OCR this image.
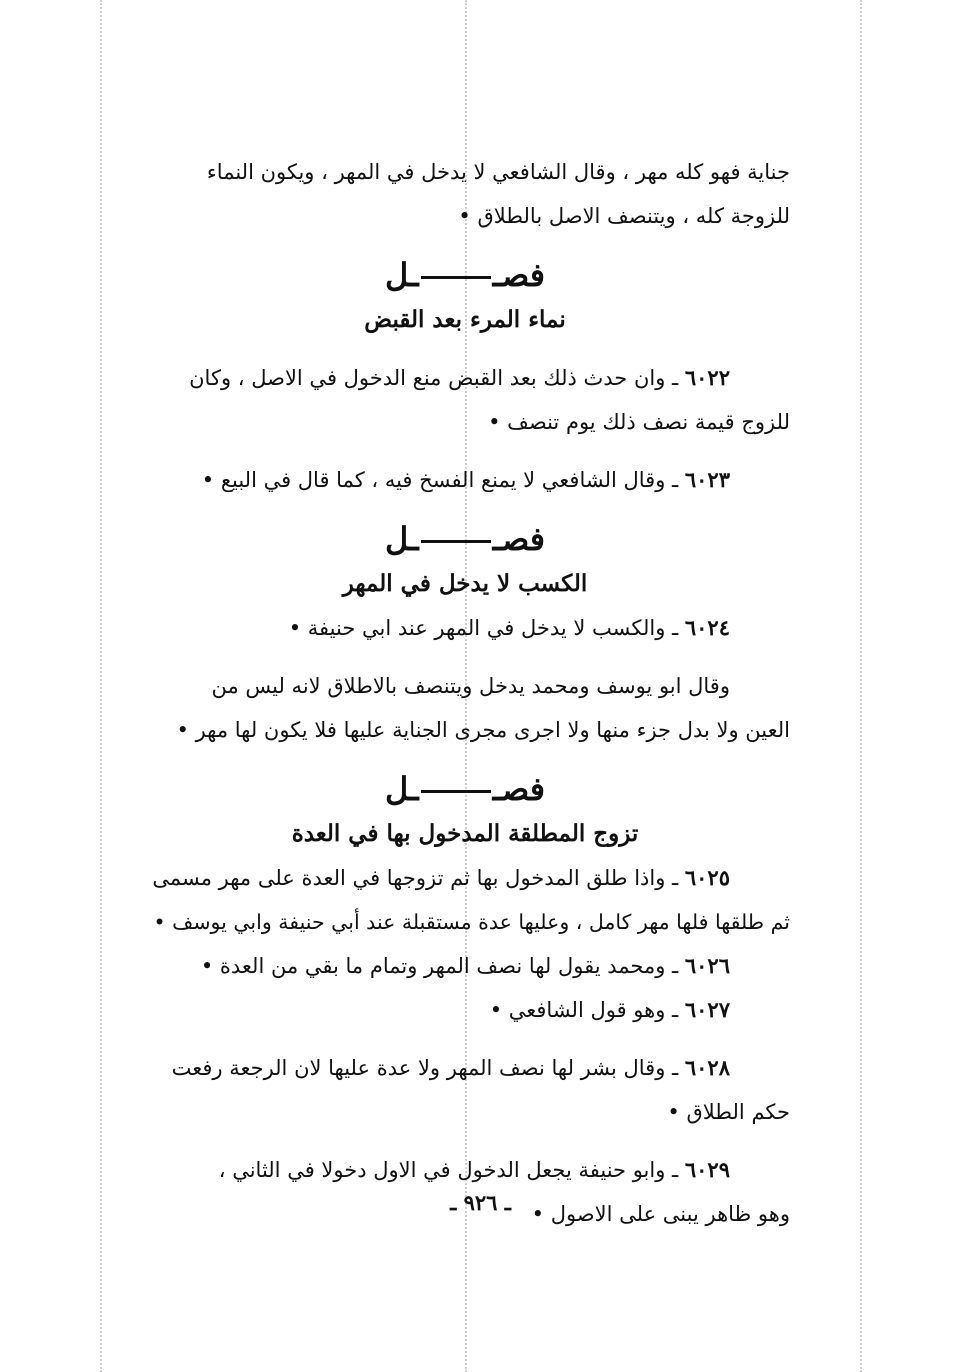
جناية فهو كله مهر ، وقال الشافعي لا يدخل في المهر ، ويكون النماء
للزوجة كله ، ويتنصف الاصل بالطلاق •
فصــل
نماء المرء بعد القبض
٦٠٢٢ ـ وان حدث ذلك بعد القبض منع الدخول في الاصل ، وكان
للزوج قيمة نصف ذلك يوم تنصف •
٦٠٢٣ ـ وقال الشافعي لا يمنع الفسخ فيه ، كما قال في البيع •
فصــل
الكسب لا يدخل في المهر
٦٠٢٤ ـ والكسب لا يدخل في المهر عند ابي حنيفة •
وقال ابو يوسف ومحمد يدخل ويتنصف بالاطلاق لانه ليس من
العين ولا بدل جزء منها ولا اجرى مجرى الجناية عليها فلا يكون لها مهر •
فصــل
تزوج المطلقة المدخول بها في العدة
٦٠٢٥ ـ واذا طلق المدخول بها ثم تزوجها في العدة على مهر مسمى
ثم طلقها فلها مهر كامل ، وعليها عدة مستقبلة عند أبي حنيفة وابي يوسف •
٦٠٢٦ ـ ومحمد يقول لها نصف المهر وتمام ما بقي من العدة •
٦٠٢٧ ـ وهو قول الشافعي •
٦٠٢٨ ـ وقال بشر لها نصف المهر ولا عدة عليها لان الرجعة رفعت
حكم الطلاق •
٦٠٢٩ ـ وابو حنيفة يجعل الدخول في الاول دخولا في الثاني ،
وهو ظاهر يبنى على الاصول •
ـ ٩٢٦ ـ
